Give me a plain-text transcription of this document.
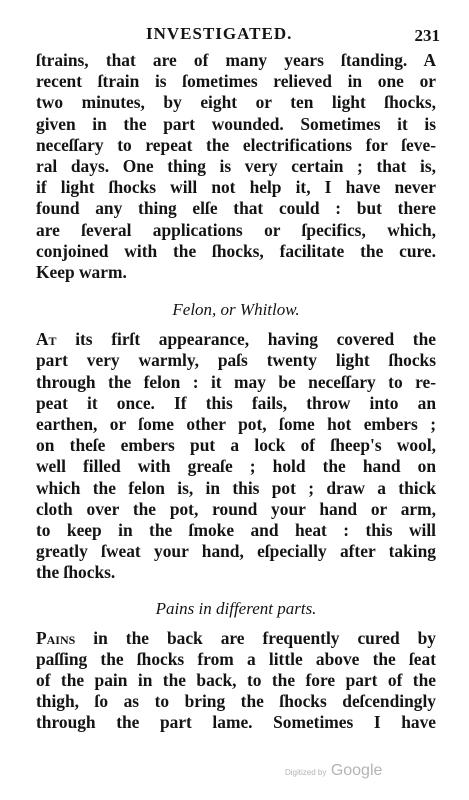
INVESTIGATED.	231
ſtrains, that are of many years ſtanding. A
recent ſtrain is ſometimes relieved in one or
two minutes, by eight or ten light ſhocks,
given in the part wounded. Sometimes it is
neceſſary to repeat the electrifications for ſeve-
ral days. One thing is very certain ; that is,
if light ſhocks will not help it, I have never
found any thing elſe that could : but there
are ſeveral applications or ſpecifics, which,
conjoined with the ſhocks, facilitate the cure.
Keep warm.
Felon, or Whitlow.
At its firſt appearance, having covered the
part very warmly, paſs twenty light ſhocks
through the felon : it may be neceſſary to re-
peat it once. If this fails, throw into an
earthen, or ſome other pot, ſome hot embers ;
on theſe embers put a lock of ſheep's wool,
well filled with greaſe ; hold the hand on
which the felon is, in this pot ; draw a thick
cloth over the pot, round your hand or arm,
to keep in the ſmoke and heat : this will
greatly ſweat your hand, eſpecially after taking
the ſhocks.
Pains in different parts.
Pains in the back are frequently cured by
paſſing the ſhocks from a little above the ſeat
of the pain in the back, to the fore part of the
thigh, ſo as to bring the ſhocks deſcendingly
through the part lame. Sometimes I have
Digitized by Google
